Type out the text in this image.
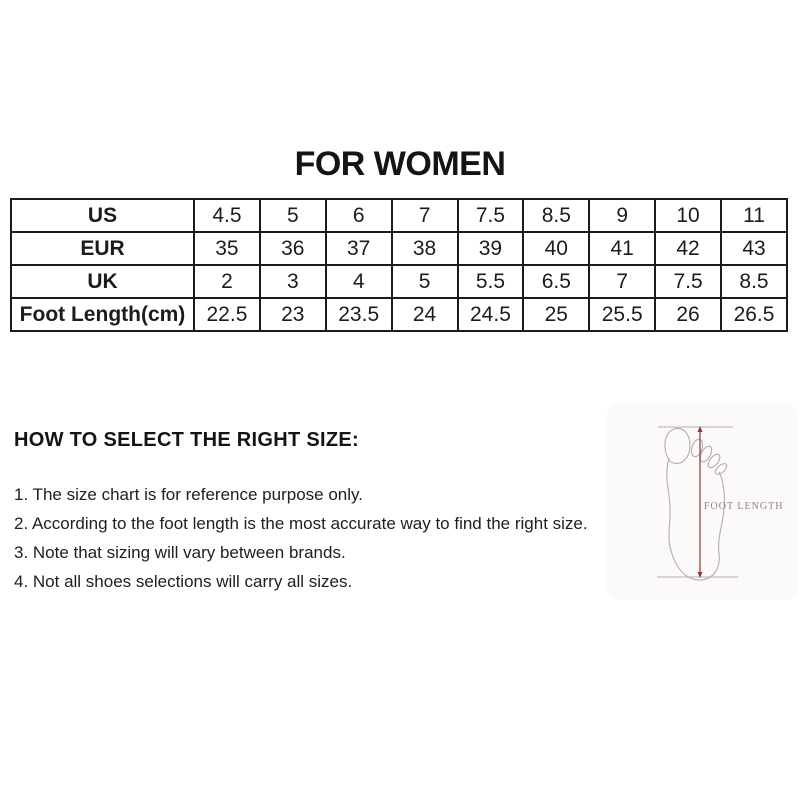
FOR WOMEN
US	4.5	5	6	7	7.5	8.5	9	10	11
EUR	35	36	37	38	39	40	41	42	43
UK	2	3	4	5	5.5	6.5	7	7.5	8.5
Foot Length(cm)	22.5	23	23.5	24	24.5	25	25.5	26	26.5
HOW TO SELECT THE RIGHT SIZE:
1. The size chart is for reference purpose only.
2. According to the foot length is the most accurate way to find the right size.
3. Note that sizing will vary between brands.
4. Not all shoes selections will carry all sizes.
FOOT LENGTH
